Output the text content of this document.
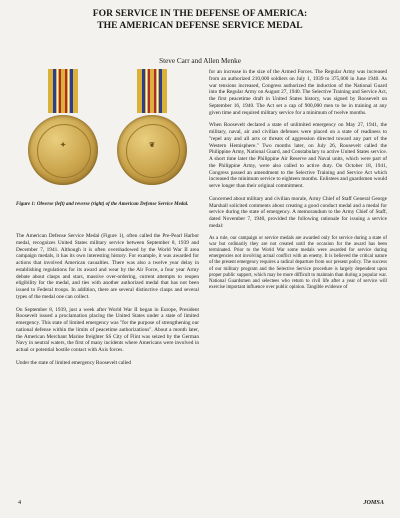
FOR SERVICE IN THE DEFENSE OF AMERICA:
THE AMERICAN DEFENSE SERVICE MEDAL
Steve Carr and Allen Menke
✦	❦
Figure 1: Obverse (left) and reverse (right) of the American Defense Service Medal.

The American Defense Service Medal (Figure 1), often called the Pre-Pearl Harbor medal, recognizes United States military service between September 8, 1939 and December 7, 1941. Although it is often overshadowed by the World War II area campaign medals, it has its own interesting history. For example, it was awarded for actions that involved American casualties. There was also a twelve year delay in establishing regulations for its award and wear by the Air Force, a four year Army debate about clasps and stars, massive over-ordering, current attempts to reopen eligibility for the medal, and ties with another authorized medal that has not been issued to Federal troops. In addition, there are several distinctive clasps and several types of the medal one can collect.

On September 8, 1939, just a week after World War II began in Europe, President Roosevelt issued a proclamation placing the United States under a state of limited emergency. This state of limited emergency was "for the purpose of strengthening our national defense within the limits of peacetime authorizations". About a month later, the American Merchant Marine freighter SS City of Flint was seized by the German Navy in neutral waters, the first of many incidents where Americans were involved in actual or potential hostile contact with Axis forces.

Under the state of limited emergency Roosevelt called

for an increase in the size of the Armed Forces. The Regular Army was increased from an authorized 210,000 soldiers on July 1, 1939 to 375,000 in June 1940. As war tensions increased, Congress authorized the induction of the National Guard into the Regular Army on August 27, 1940. The Selective Training and Service Act, the first peacetime draft in United States history, was signed by Roosevelt on September 16, 1940. The Act set a cap of 900,000 men to be in training at any given time and required military service for a minimum of twelve months.

When Roosevelt declared a state of unlimited emergency on May 27, 1941, the military, naval, air and civilian defenses were placed on a state of readiness to "repel any and all acts or threats of aggression directed toward any part of the Western Hemisphere." Two months later, on July 26, Roosevelt called the Philippine Army, National Guard, and Constabulary to active United States service. A short time later the Philippine Air Reserve and Naval units, which were part of the Philippine Army, were also called to active duty. On October 18, 1941, Congress passed an amendment to the Selective Training and Service Act which increased the minimum service to eighteen months. Enlistees and guardsmen would serve longer than their original commitment.

Concerned about military and civilian morale, Army Chief of Staff General George Marshall solicited comments about creating a good conduct medal and a medal for service during the state of emergency. A memorandum to the Army Chief of Staff, dated November 7, 1940, provided the following rationale for issuing a service medal:

As a rule, our campaign or service medals are awarded only for service during a state of war but ordinarily they are not created until the occasion for the award has been terminated. Prior to the World War some medals were awarded for service during emergencies not involving actual conflict with an enemy. It is believed the critical nature of the present emergency requires a radical departure from our present policy. The success of our military program and the Selective Service procedure is largely dependent upon proper public support, which may be more difficult to maintain than during a popular war. National Guardsmen and selectees who return to civil life after a year of service will exercise important influence over public opinion. Tangible evidence of

4	JOMSA
